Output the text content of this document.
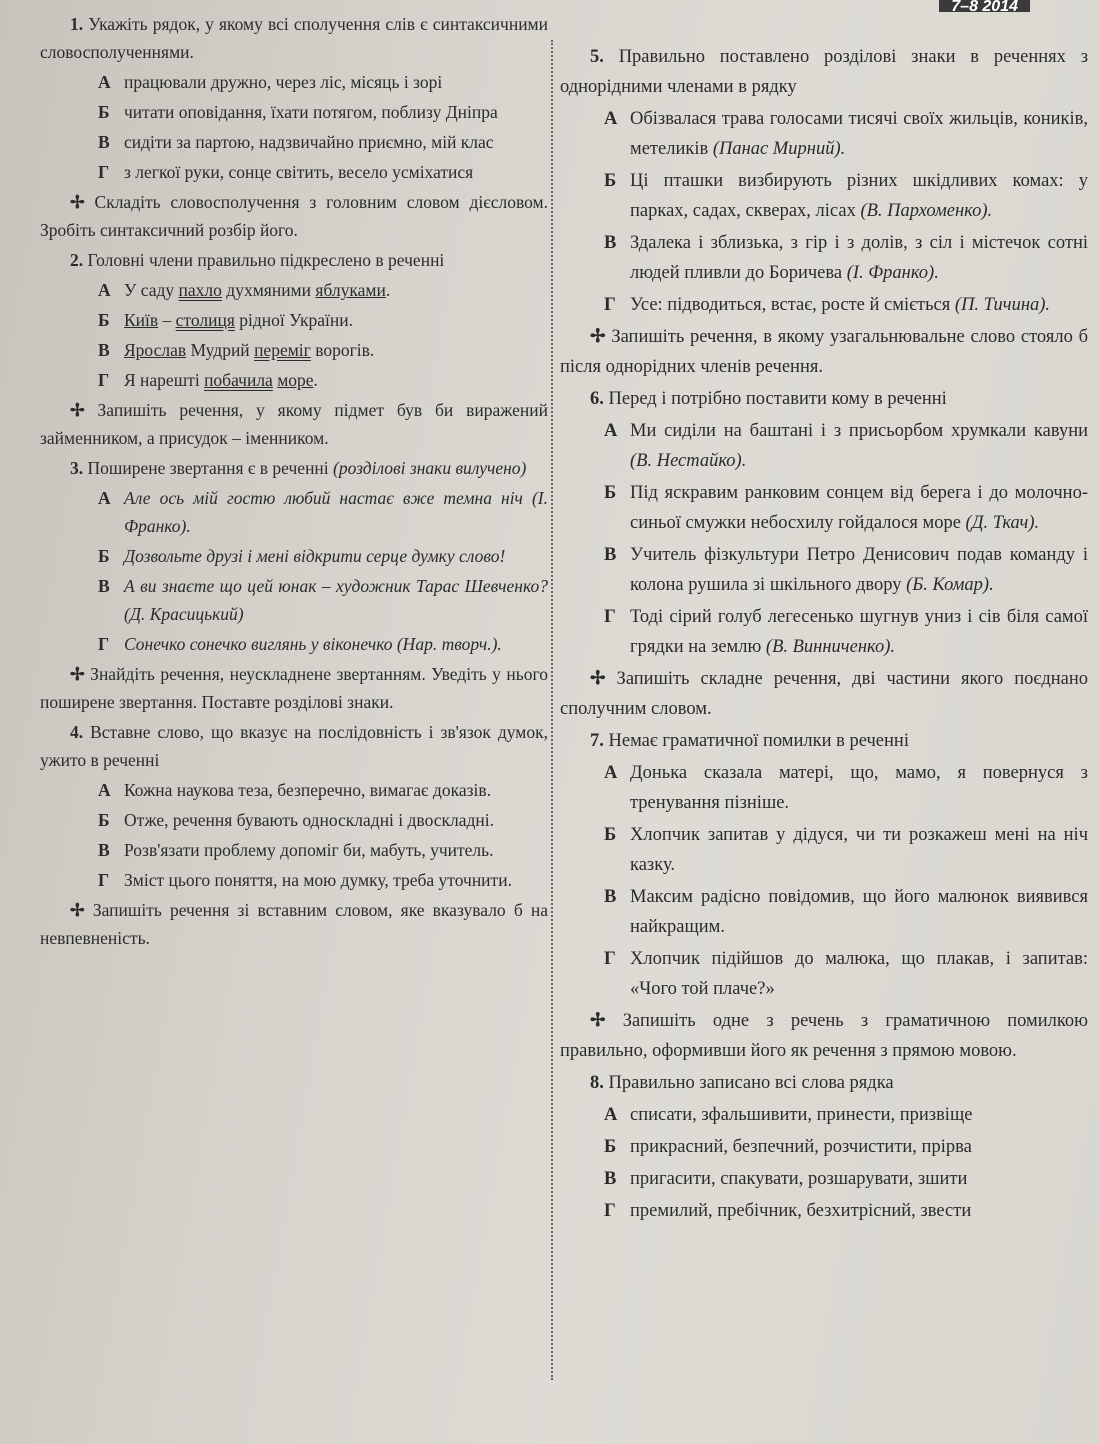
7–8 2014

1. Укажіть рядок, у якому всі сполучення слів є синтаксичними словосполученнями.

А працювали дружно, через ліс, місяць і зорі
Б читати оповідання, їхати потягом, поблизу Дніпра
В сидіти за партою, надзвичайно приємно, мій клас
Г з легкої руки, сонце світить, весело усміхатися

✢ Складіть словосполучення з головним словом дієсловом. Зробіть синтаксичний розбір його.

2. Головні члени правильно підкреслено в реченні

А У саду пахло духмяними яблуками.
Б Київ – столиця рідної України.
В Ярослав Мудрий переміг ворогів.
Г Я нарешті побачила море.

✢ Запишіть речення, у якому підмет був би виражений займенником, а присудок – іменником.

3. Поширене звертання є в реченні (розділові знаки вилучено)

А Але ось мій гостю любий настає вже темна ніч (І. Франко).
Б Дозвольте друзі і мені відкрити серце думку слово!
В А ви знаєте що цей юнак – художник Тарас Шевченко? (Д. Красицький)
Г Сонечко сонечко виглянь у віконечко (Нар. творч.).

✢ Знайдіть речення, неускладнене звертанням. Уведіть у нього поширене звертання. Поставте розділові знаки.

4. Вставне слово, що вказує на послідовність і зв'язок думок, ужито в реченні

А Кожна наукова теза, безперечно, вимагає доказів.
Б Отже, речення бувають односкладні і двоскладні.
В Розв'язати проблему допоміг би, мабуть, учитель.
Г Зміст цього поняття, на мою думку, треба уточнити.

✢ Запишіть речення зі вставним словом, яке вказувало б на невпевненість.

5. Правильно поставлено розділові знаки в реченнях з однорідними членами в рядку

А Обізвалася трава голосами тисячі своїх жильців, коників, метеликів (Панас Мирний).
Б Ці пташки визбирують різних шкідливих комах: у парках, садах, скверах, лісах (В. Пархоменко).
В Здалека і зблизька, з гір і з долів, з сіл і містечок сотні людей пливли до Боричева (І. Франко).
Г Усе: підводиться, встає, росте й сміється (П. Тичина).

✢ Запишіть речення, в якому узагальнювальне слово стояло б після однорідних членів речення.

6. Перед і потрібно поставити кому в реченні

А Ми сиділи на баштані і з присьорбом хрумкали кавуни (В. Нестайко).
Б Під яскравим ранковим сонцем від берега і до молочно-синьої смужки небосхилу гойдалося море (Д. Ткач).
В Учитель фізкультури Петро Денисович подав команду і колона рушила зі шкільного двору (Б. Комар).
Г Тоді сірий голуб легесенько шугнув униз і сів біля самої грядки на землю (В. Винниченко).

✢ Запишіть складне речення, дві частини якого поєднано сполучним словом.

7. Немає граматичної помилки в реченні

А Донька сказала матері, що, мамо, я повернуся з тренування пізніше.
Б Хлопчик запитав у дідуся, чи ти розкажеш мені на ніч казку.
В Максим радісно повідомив, що його малюнок виявився найкращим.
Г Хлопчик підійшов до малюка, що плакав, і запитав: «Чого той плаче?»

✢ Запишіть одне з речень з граматичною помилкою правильно, оформивши його як речення з прямою мовою.

8. Правильно записано всі слова рядка

А списати, зфальшивити, принести, призвіще
Б прикрасний, безпечний, розчистити, прірва
В пригасити, спакувати, розшарувати, зшити
Г премилий, пребічник, безхитрісний, звести
